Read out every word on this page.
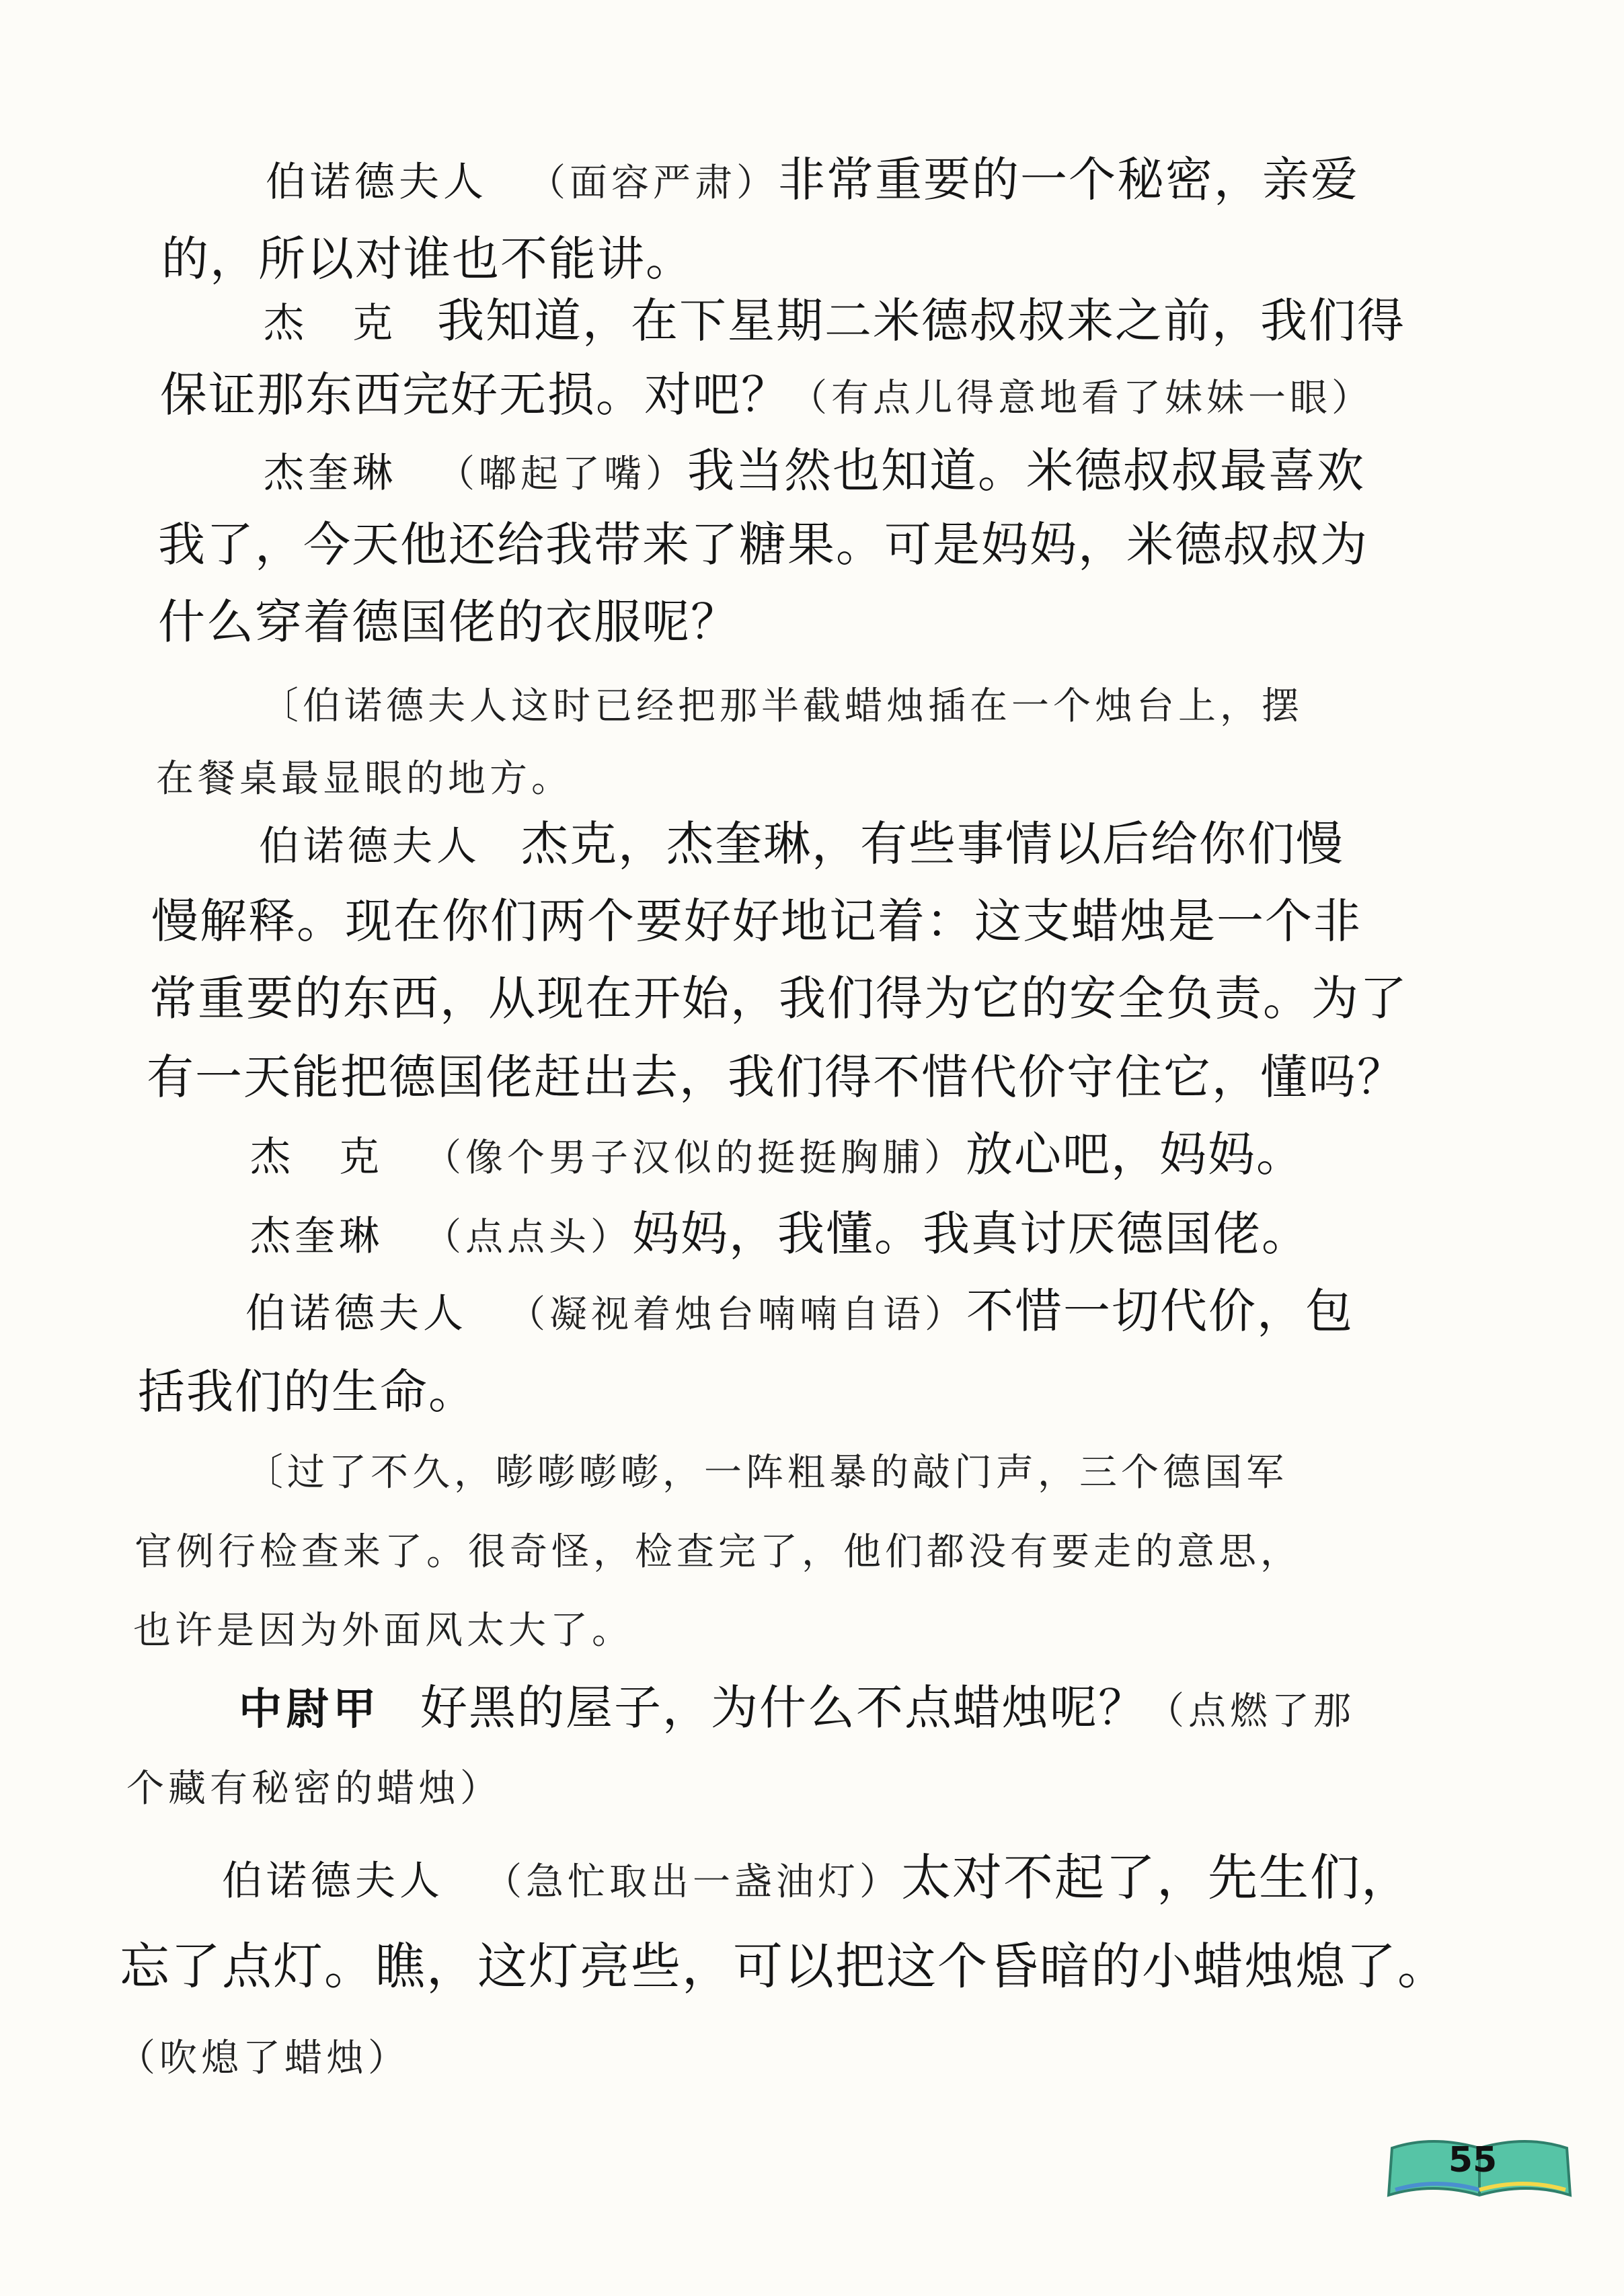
伯诺德夫人 （面容严肃）非常重要的一个秘密，亲爱
的，所以对谁也不能讲。
杰　克 我知道，在下星期二米德叔叔来之前，我们得
保证那东西完好无损。对吧？（有点儿得意地看了妹妹一眼）
杰奎琳 （嘟起了嘴）我当然也知道。米德叔叔最喜欢
我了，今天他还给我带来了糖果。可是妈妈，米德叔叔为
什么穿着德国佬的衣服呢？
〔伯诺德夫人这时已经把那半截蜡烛插在一个烛台上，摆
在餐桌最显眼的地方。
伯诺德夫人 杰克，杰奎琳，有些事情以后给你们慢
慢解释。现在你们两个要好好地记着：这支蜡烛是一个非
常重要的东西，从现在开始，我们得为它的安全负责。为了
有一天能把德国佬赶出去，我们得不惜代价守住它，懂吗？
杰　克 （像个男子汉似的挺挺胸脯）放心吧，妈妈。
杰奎琳 （点点头）妈妈，我懂。我真讨厌德国佬。
伯诺德夫人 （凝视着烛台喃喃自语）不惜一切代价，包
括我们的生命。
〔过了不久，嘭嘭嘭嘭，一阵粗暴的敲门声，三个德国军
官例行检查来了。很奇怪，检查完了，他们都没有要走的意思，
也许是因为外面风太大了。
中尉甲 好黑的屋子，为什么不点蜡烛呢？（点燃了那
个藏有秘密的蜡烛）
伯诺德夫人 （急忙取出一盏油灯）太对不起了，先生们，
忘了点灯。瞧，这灯亮些，可以把这个昏暗的小蜡烛熄了。
（吹熄了蜡烛）
55
